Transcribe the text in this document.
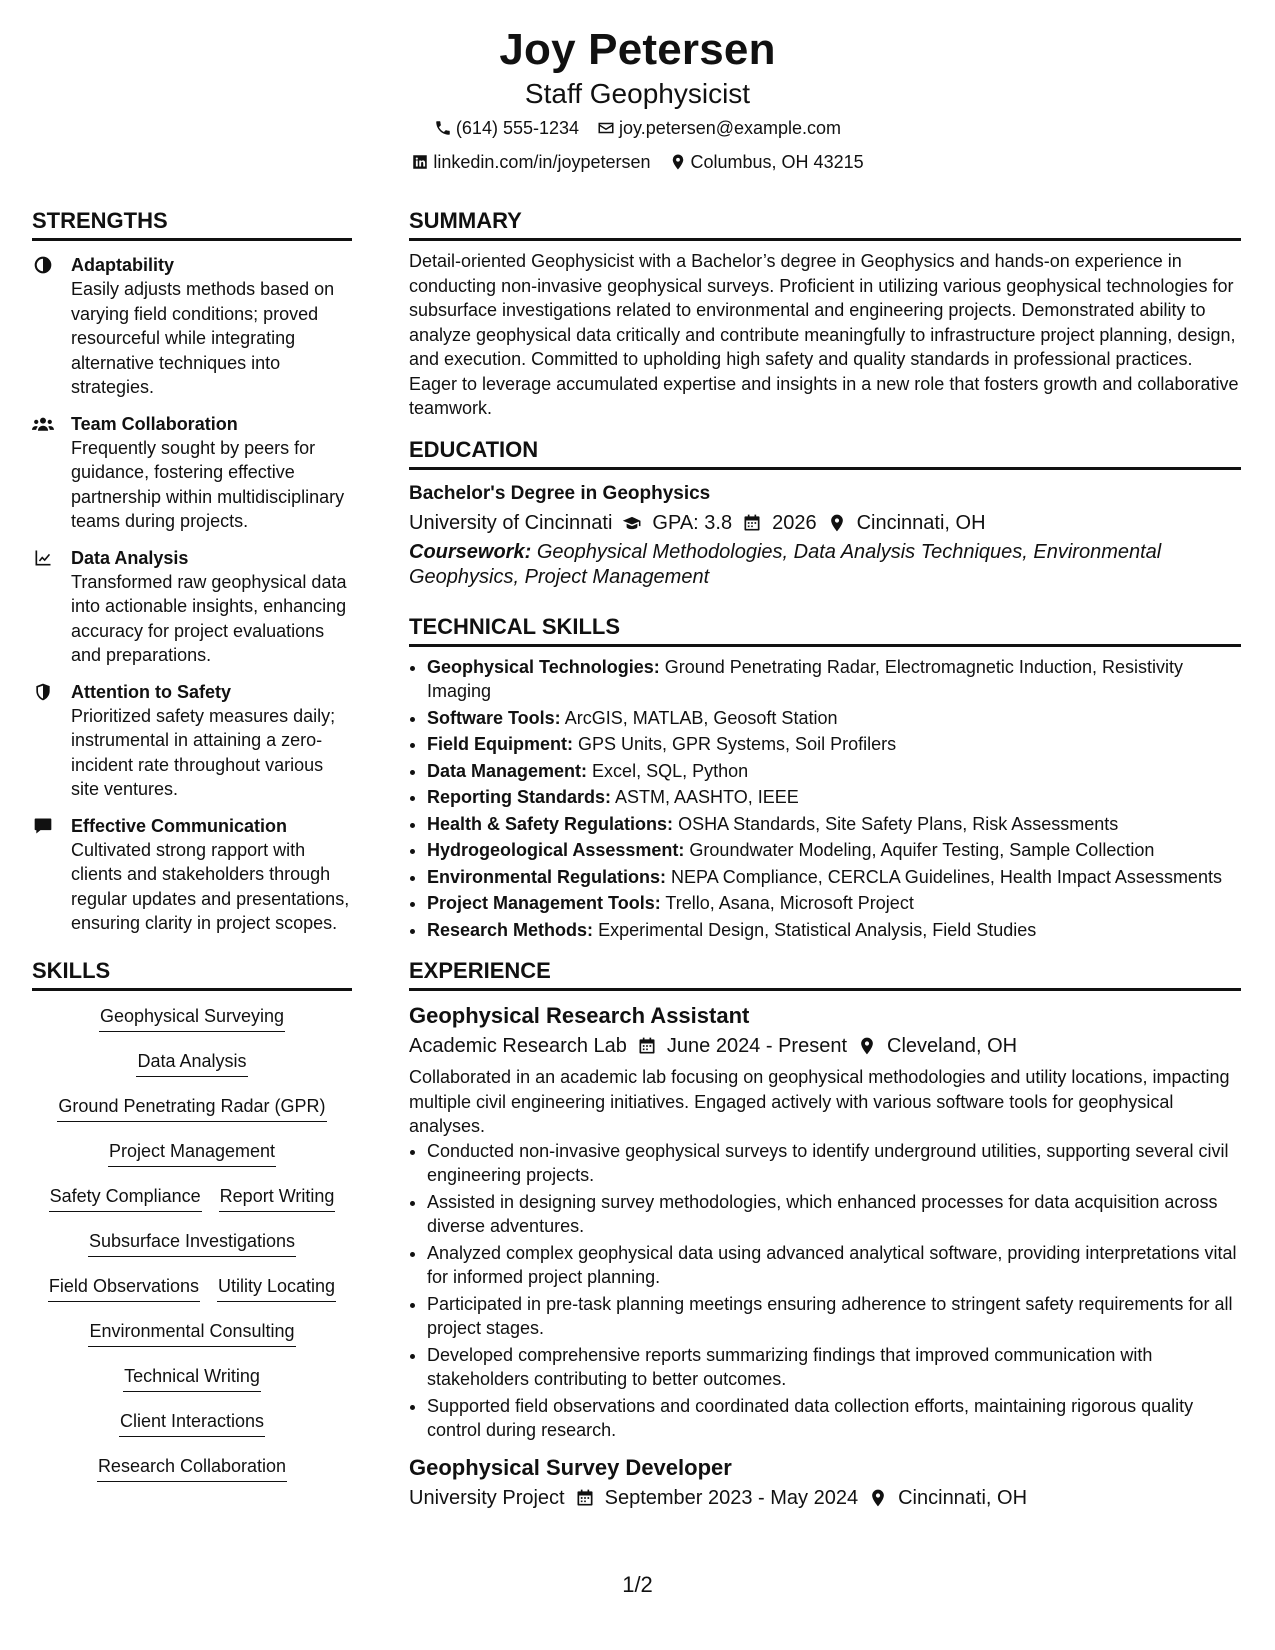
Joy Petersen
Staff Geophysicist
(614) 555-1234 joy.petersen@example.com
linkedin.com/in/joypetersen Columbus, OH 43215
STRENGTHS
Adaptability
Easily adjusts methods based on varying field conditions; proved resourceful while integrating alternative techniques into strategies.
Team Collaboration
Frequently sought by peers for guidance, fostering effective partnership within multidisciplinary teams during projects.
Data Analysis
Transformed raw geophysical data into actionable insights, enhancing accuracy for project evaluations and preparations.
Attention to Safety
Prioritized safety measures daily; instrumental in attaining a zero-incident rate throughout various site ventures.
Effective Communication
Cultivated strong rapport with clients and stakeholders through regular updates and presentations, ensuring clarity in project scopes.
SKILLS
Geophysical Surveying
Data Analysis
Ground Penetrating Radar (GPR)
Project Management
Safety Compliance Report Writing
Subsurface Investigations
Field Observations Utility Locating
Environmental Consulting
Technical Writing
Client Interactions
Research Collaboration
SUMMARY
Detail-oriented Geophysicist with a Bachelor’s degree in Geophysics and hands-on experience in conducting non-invasive geophysical surveys. Proficient in utilizing various geophysical technologies for subsurface investigations related to environmental and engineering projects. Demonstrated ability to analyze geophysical data critically and contribute meaningfully to infrastructure project planning, design, and execution. Committed to upholding high safety and quality standards in professional practices. Eager to leverage accumulated expertise and insights in a new role that fosters growth and collaborative teamwork.
EDUCATION
Bachelor's Degree in Geophysics
University of Cincinnati GPA: 3.8 2026 Cincinnati, OH
Coursework: Geophysical Methodologies, Data Analysis Techniques, Environmental Geophysics, Project Management
TECHNICAL SKILLS
• Geophysical Technologies: Ground Penetrating Radar, Electromagnetic Induction, Resistivity Imaging
• Software Tools: ArcGIS, MATLAB, Geosoft Station
• Field Equipment: GPS Units, GPR Systems, Soil Profilers
• Data Management: Excel, SQL, Python
• Reporting Standards: ASTM, AASHTO, IEEE
• Health & Safety Regulations: OSHA Standards, Site Safety Plans, Risk Assessments
• Hydrogeological Assessment: Groundwater Modeling, Aquifer Testing, Sample Collection
• Environmental Regulations: NEPA Compliance, CERCLA Guidelines, Health Impact Assessments
• Project Management Tools: Trello, Asana, Microsoft Project
• Research Methods: Experimental Design, Statistical Analysis, Field Studies
EXPERIENCE
Geophysical Research Assistant
Academic Research Lab June 2024 - Present Cleveland, OH
Collaborated in an academic lab focusing on geophysical methodologies and utility locations, impacting multiple civil engineering initiatives. Engaged actively with various software tools for geophysical analyses.
• Conducted non-invasive geophysical surveys to identify underground utilities, supporting several civil engineering projects.
• Assisted in designing survey methodologies, which enhanced processes for data acquisition across diverse adventures.
• Analyzed complex geophysical data using advanced analytical software, providing interpretations vital for informed project planning.
• Participated in pre-task planning meetings ensuring adherence to stringent safety requirements for all project stages.
• Developed comprehensive reports summarizing findings that improved communication with stakeholders contributing to better outcomes.
• Supported field observations and coordinated data collection efforts, maintaining rigorous quality control during research.
Geophysical Survey Developer
University Project September 2023 - May 2024 Cincinnati, OH
1/2
